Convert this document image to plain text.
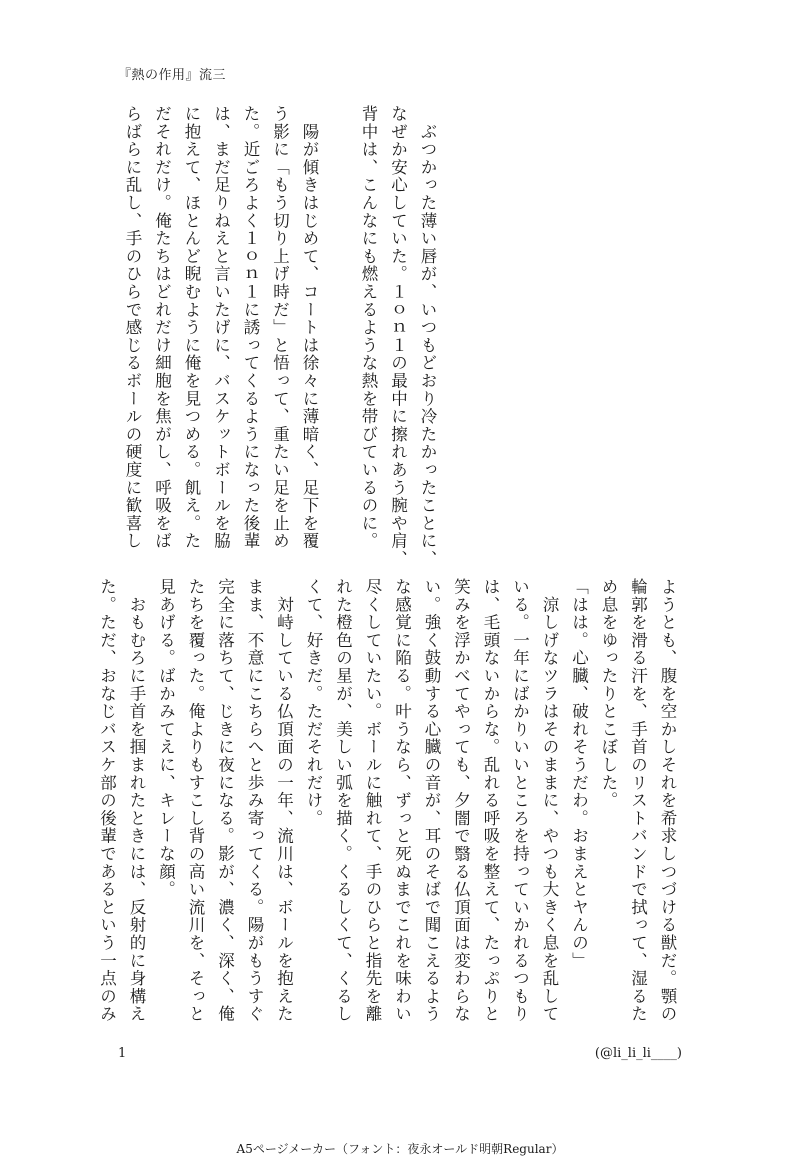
『熱の作用』流三
ぶつかった薄い唇が、いつもどおり冷たかったことに、
なぜか安心していた。１ｏｎ１の最中に擦れあう腕や肩、
背中は、こんなにも燃えるような熱を帯びているのに。
陽が傾きはじめて、コートは徐々に薄暗く、足下を覆
う影に「もう切り上げ時だ」と悟って、重たい足を止め
た。近ごろよく１ｏｎ１に誘ってくるようになった後輩
は、まだ足りねえと言いたげに、バスケットボールを脇
に抱えて、ほとんど睨むように俺を見つめる。飢え。た
だそれだけ。俺たちはどれだけ細胞を焦がし、呼吸をば
らばらに乱し、手のひらで感じるボールの硬度に歓喜し
ようとも、腹を空かしそれを希求しつづける獣だ。顎の
輪郭を滑る汗を、手首のリストバンドで拭って、湿るた
め息をゆったりとこぼした。
「はは。心臓、破れそうだわ。おまえとヤんの」
涼しげなツラはそのままに、やつも大きく息を乱して
いる。一年にばかりいいところを持っていかれるつもり
は、毛頭ないからな。乱れる呼吸を整えて、たっぷりと
笑みを浮かべてやっても、夕闇で翳る仏頂面は変わらな
い。強く鼓動する心臓の音が、耳のそばで聞こえるよう
な感覚に陥る。叶うなら、ずっと死ぬまでこれを味わい
尽くしていたい。ボールに触れて、手のひらと指先を離
れた橙色の星が、美しい弧を描く。くるしくて、くるし
くて、好きだ。ただそれだけ。
対峙している仏頂面の一年、流川は、ボールを抱えた
まま、不意にこちらへと歩み寄ってくる。陽がもうすぐ
完全に落ちて、じきに夜になる。影が、濃く、深く、俺
たちを覆った。俺よりもすこし背の高い流川を、そっと
見あげる。ばかみてえに、キレーな顔。
おもむろに手首を掴まれたときには、反射的に身構え
た。ただ、おなじバスケ部の後輩であるという一点のみ
1	(@li_li_li____)
A5ページメーカー（フォント：夜永オールド明朝Regular）
